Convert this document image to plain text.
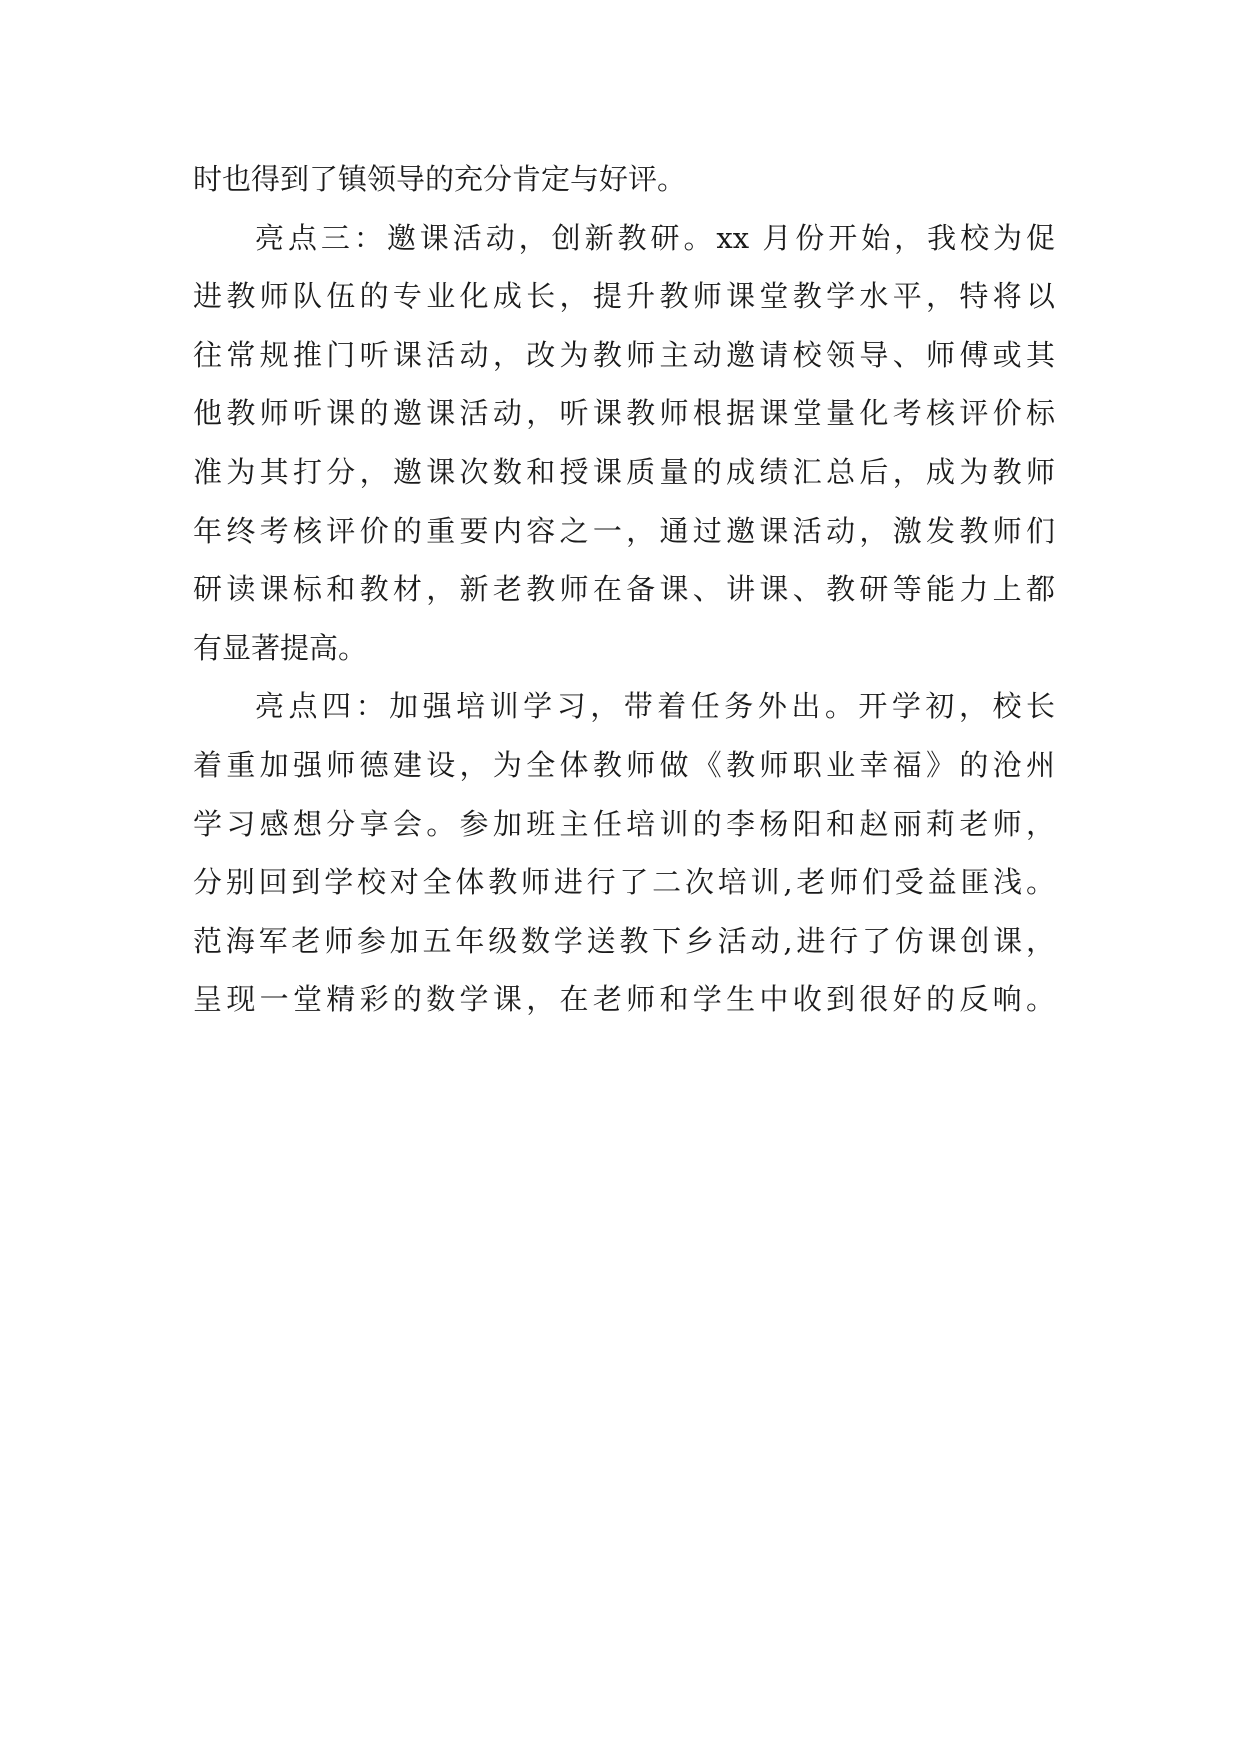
时也得到了镇领导的充分肯定与好评。
亮点三：邀课活动，创新教研。xx 月份开始，我校为促
进教师队伍的专业化成长，提升教师课堂教学水平，特将以
往常规推门听课活动，改为教师主动邀请校领导、师傅或其
他教师听课的邀课活动，听课教师根据课堂量化考核评价标
准为其打分，邀课次数和授课质量的成绩汇总后，成为教师
年终考核评价的重要内容之一，通过邀课活动，激发教师们
研读课标和教材，新老教师在备课、讲课、教研等能力上都
有显著提高。
亮点四：加强培训学习，带着任务外出。开学初，校长
着重加强师德建设，为全体教师做《教师职业幸福》的沧州
学习感想分享会。参加班主任培训的李杨阳和赵丽莉老师，
分别回到学校对全体教师进行了二次培训,老师们受益匪浅。
范海军老师参加五年级数学送教下乡活动,进行了仿课创课，
呈现一堂精彩的数学课，在老师和学生中收到很好的反响。
